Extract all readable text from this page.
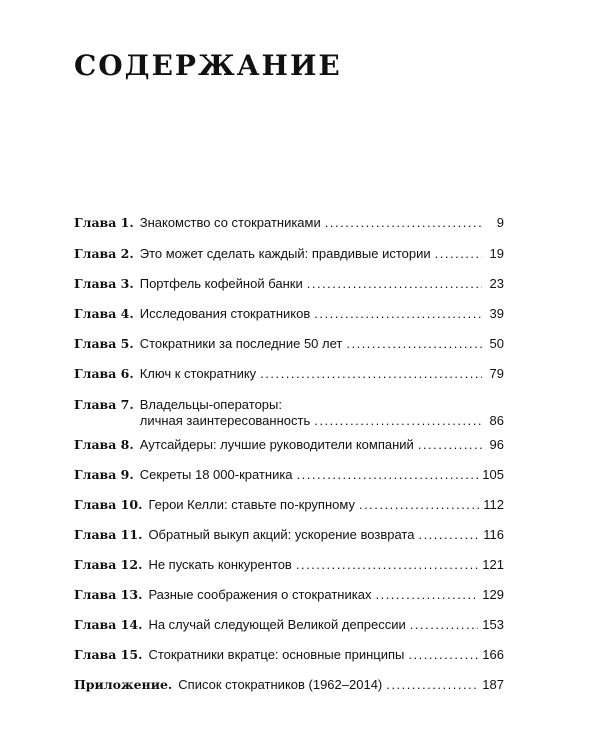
СОДЕРЖАНИЕ
Глава 1. Знакомство со стократниками .....	9
Глава 2. Это может сделать каждый: правдивые истории .....	19
Глава 3. Портфель кофейной банки .....	23
Глава 4. Исследования стократников .....	39
Глава 5. Стократники за последние 50 лет .....	50
Глава 6. Ключ к стократнику .....	79
Глава 7. Владельцы-операторы:
личная заинтересованность .....	86
Глава 8. Аутсайдеры: лучшие руководители компаний .....	96
Глава 9. Секреты 18 000-кратника .....	105
Глава 10. Герои Келли: ставьте по-крупному .....	112
Глава 11. Обратный выкуп акций: ускорение возврата .....	116
Глава 12. Не пускать конкурентов .....	121
Глава 13. Разные соображения о стократниках .....	129
Глава 14. На случай следующей Великой депрессии .....	153
Глава 15. Стократники вкратце: основные принципы .....	166
Приложение. Список стократников (1962–2014) .....	187
